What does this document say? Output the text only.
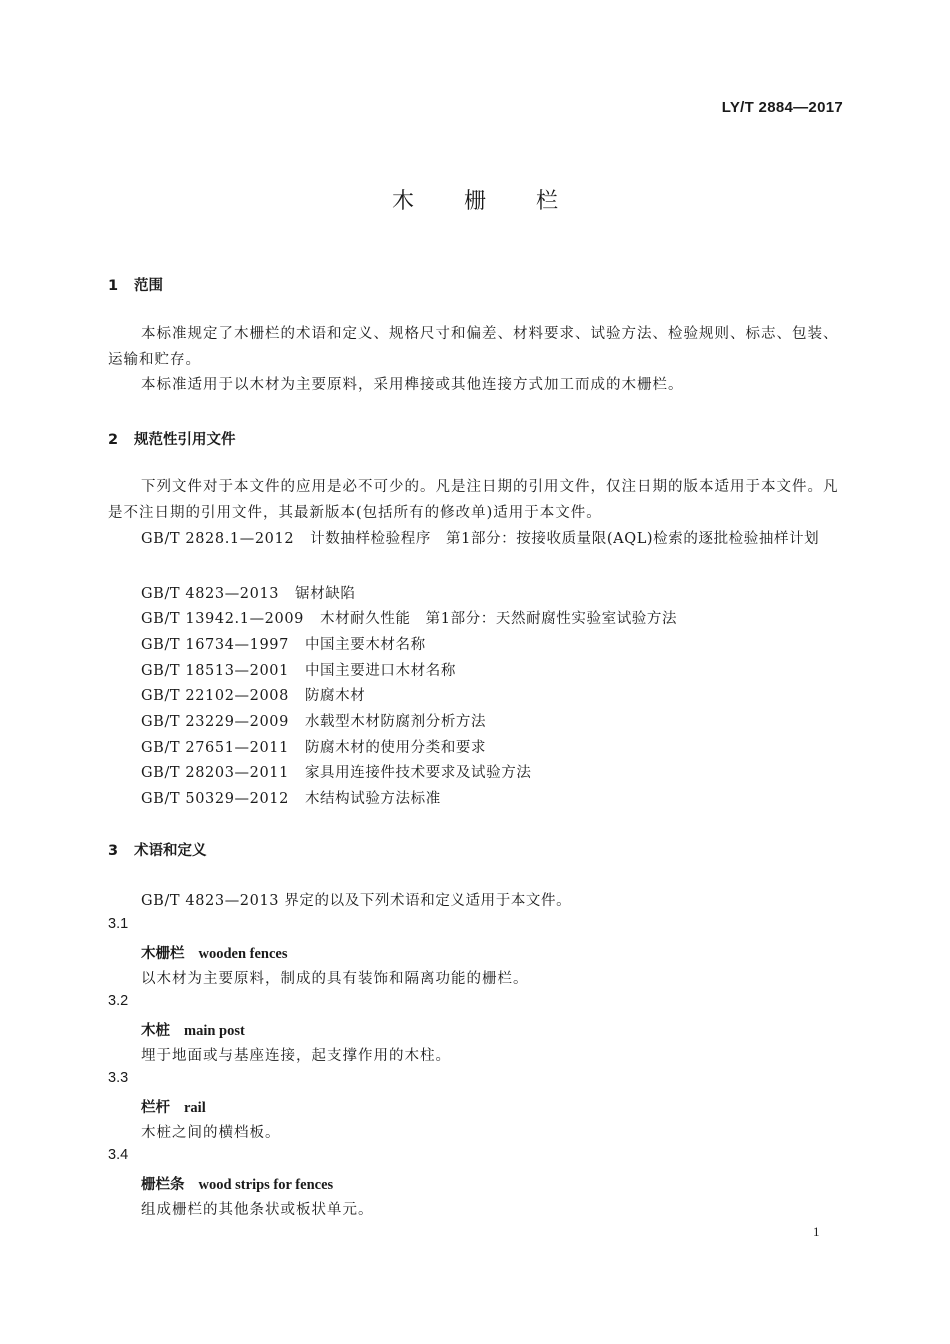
LY/T 2884—2017
木栅栏
1 范围

本标准规定了木栅栏的术语和定义、规格尺寸和偏差、材料要求、试验方法、检验规则、标志、包装、运输和贮存。

本标准适用于以木材为主要原料，采用榫接或其他连接方式加工而成的木栅栏。

2 规范性引用文件

下列文件对于本文件的应用是必不可少的。凡是注日期的引用文件，仅注日期的版本适用于本文件。凡是不注日期的引用文件，其最新版本(包括所有的修改单)适用于本文件。

GB/T 2828.1—2012 计数抽样检验程序　第1部分：按接收质量限(AQL)检索的逐批检验抽样计划

GB/T 4823—2013 锯材缺陷
GB/T 13942.1—2009 木材耐久性能　第1部分：天然耐腐性实验室试验方法
GB/T 16734—1997 中国主要木材名称
GB/T 18513—2001 中国主要进口木材名称
GB/T 22102—2008 防腐木材
GB/T 23229—2009 水载型木材防腐剂分析方法
GB/T 27651—2011 防腐木材的使用分类和要求
GB/T 28203—2011 家具用连接件技术要求及试验方法
GB/T 50329—2012 木结构试验方法标准
3 术语和定义
GB/T 4823—2013 界定的以及下列术语和定义适用于本文件。
3.1
木栅栏 wooden fences
以木材为主要原料，制成的具有装饰和隔离功能的栅栏。
3.2
木桩 main post
埋于地面或与基座连接，起支撑作用的木柱。
3.3
栏杆 rail
木桩之间的横档板。
3.4
栅栏条 wood strips for fences
组成栅栏的其他条状或板状单元。
1
